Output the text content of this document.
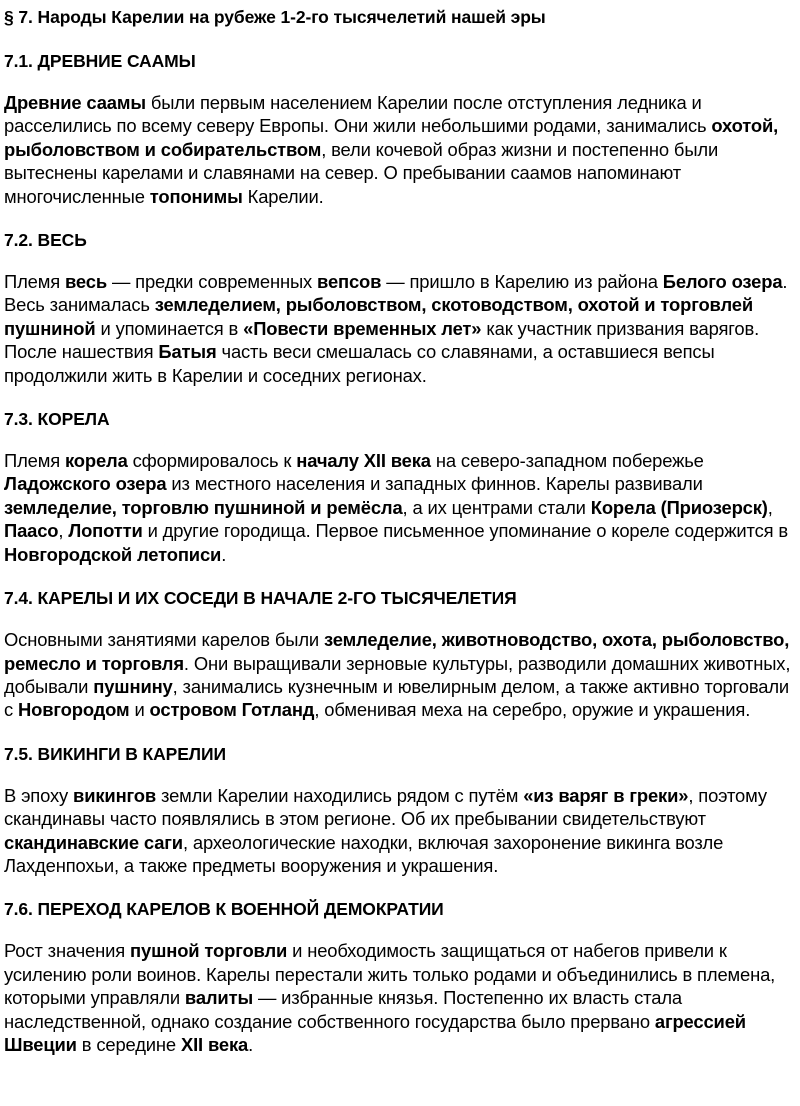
§ 7. Народы Карелии на рубеже 1-2-го тысячелетий нашей эры
7.1. ДРЕВНИЕ СААМЫ
Древние саамы были первым населением Карелии после отступления ледника и расселились по всему северу Европы. Они жили небольшими родами, занимались охотой, рыболовством и собирательством, вели кочевой образ жизни и постепенно были вытеснены карелами и славянами на север. О пребывании саамов напоминают многочисленные топонимы Карелии.
7.2. ВЕСЬ
Племя весь — предки современных вепсов — пришло в Карелию из района Белого озера. Весь занималась земледелием, рыболовством, скотоводством, охотой и торговлей пушниной и упоминается в «Повести временных лет» как участник призвания варягов. После нашествия Батыя часть веси смешалась со славянами, а оставшиеся вепсы продолжили жить в Карелии и соседних регионах.
7.3. КОРЕЛА
Племя корела сформировалось к началу XII века на северо-западном побережье Ладожского озера из местного населения и западных финнов. Карелы развивали земледелие, торговлю пушниной и ремёсла, а их центрами стали Корела (Приозерск), Паасо, Лопотти и другие городища. Первое письменное упоминание о кореле содержится в Новгородской летописи.
7.4. КАРЕЛЫ И ИХ СОСЕДИ В НАЧАЛЕ 2-ГО ТЫСЯЧЕЛЕТИЯ
Основными занятиями карелов были земледелие, животноводство, охота, рыболовство, ремесло и торговля. Они выращивали зерновые культуры, разводили домашних животных, добывали пушнину, занимались кузнечным и ювелирным делом, а также активно торговали с Новгородом и островом Готланд, обменивая меха на серебро, оружие и украшения.
7.5. ВИКИНГИ В КАРЕЛИИ
В эпоху викингов земли Карелии находились рядом с путём «из варяг в греки», поэтому скандинавы часто появлялись в этом регионе. Об их пребывании свидетельствуют скандинавские саги, археологические находки, включая захоронение викинга возле Лахденпохьи, а также предметы вооружения и украшения.
7.6. ПЕРЕХОД КАРЕЛОВ К ВОЕННОЙ ДЕМОКРАТИИ
Рост значения пушной торговли и необходимость защищаться от набегов привели к усилению роли воинов. Карелы перестали жить только родами и объединились в племена, которыми управляли валиты — избранные князья. Постепенно их власть стала наследственной, однако создание собственного государства было прервано агрессией Швеции в середине XII века.
